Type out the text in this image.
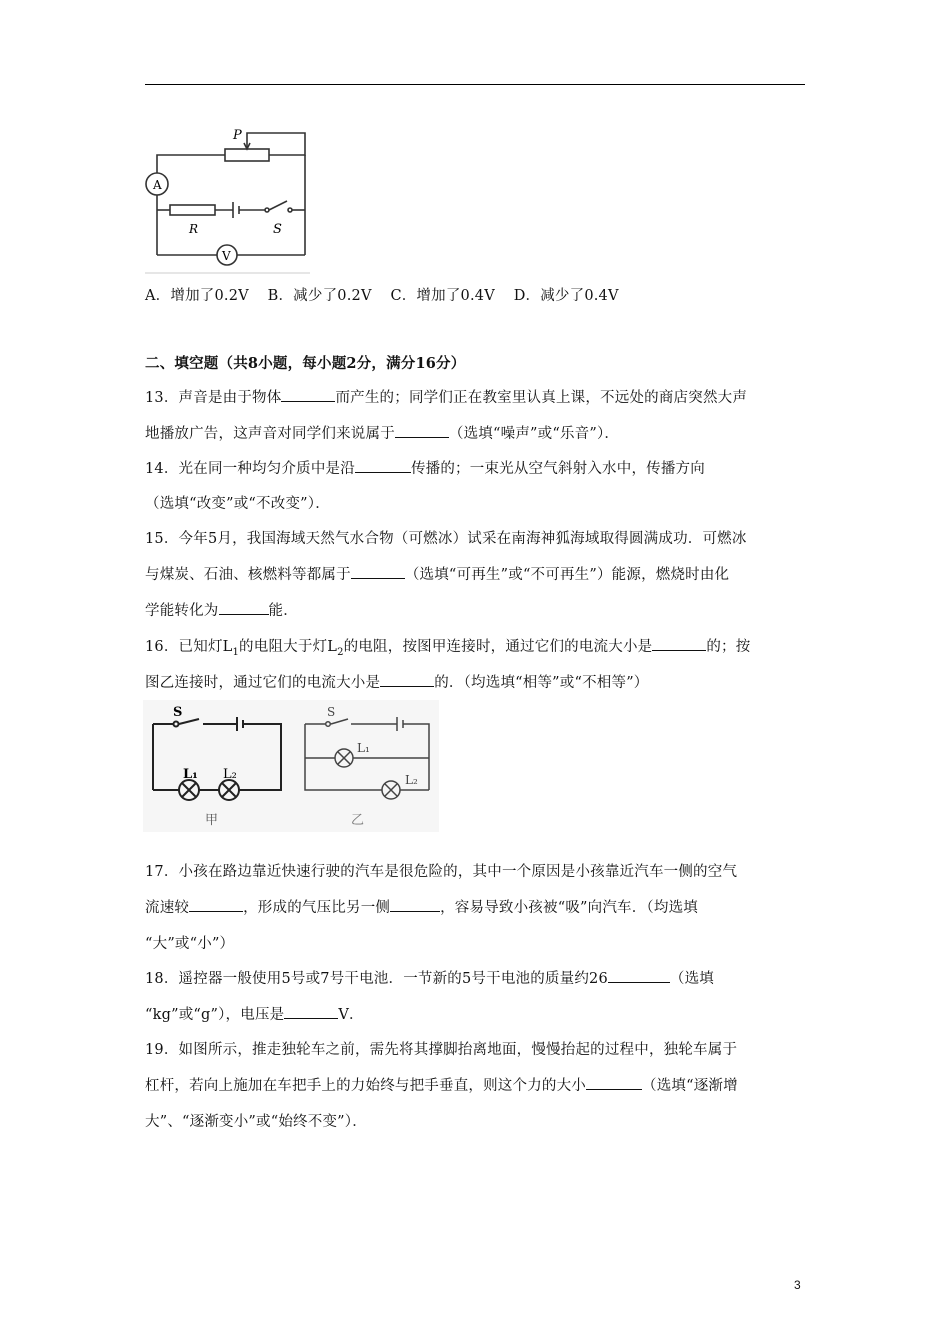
P
A
R	S
V
A．增加了0.2V B．减少了0.2V C．增加了0.4V D．减少了0.4V
二、填空题（共8小题，每小题2分，满分16分）
13．声音是由于物体	而产生的；同学们正在教室里认真上课，不远处的商店突然大声
地播放广告，这声音对同学们来说属于	（选填“噪声”或“乐音”）．
14．光在同一种均匀介质中是沿	传播的；一束光从空气斜射入水中，传播方向
（选填“改变”或“不改变”）．
15．今年5月，我国海域天然气水合物（可燃冰）试采在南海神狐海域取得圆满成功．可燃冰
与煤炭、石油、核燃料等都属于	（选填“可再生”或“不可再生”）能源，燃烧时由化
学能转化为	能．
16．已知灯$L_1$的电阻大于灯$L_2$的电阻，按图甲连接时，通过它们的电流大小是	的；按
图乙连接时，通过它们的电流大小是	的．（均选填“相等”或“不相等”）
S
L₁ L₂
甲
S
L₁
L₂
乙
17．小孩在路边靠近快速行驶的汽车是很危险的，其中一个原因是小孩靠近汽车一侧的空气
流速较	，形成的气压比另一侧	，容易导致小孩被“吸”向汽车．（均选填
“大”或“小”）
18．遥控器一般使用5号或7号干电池．一节新的5号干电池的质量约26	（选填
“kg”或“g”），电压是	V．
19．如图所示，推走独轮车之前，需先将其撑脚抬离地面，慢慢抬起的过程中，独轮车属于
杠杆，若向上施加在车把手上的力始终与把手垂直，则这个力的大小	（选填“逐渐增
大”、“逐渐变小”或“始终不变”）．
3
